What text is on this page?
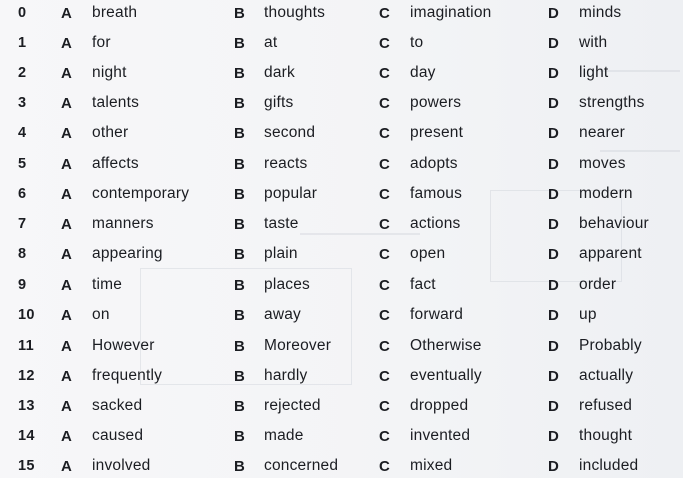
0	A breath	B thoughts	C imagination	D minds
1	A for	B at	C to	D with
2	A night	B dark	C day	D light
3	A talents	B gifts	C powers	D strengths
4	A other	B second	C present	D nearer
5	A affects	B reacts	C adopts	D moves
6	A contemporary	B popular	C famous	D modern
7	A manners	B taste	C actions	D behaviour
8	A appearing	B plain	C open	D apparent
9	A time	B places	C fact	D order
10	A on	B away	C forward	D up
11	A However	B Moreover	C Otherwise	D Probably
12	A frequently	B hardly	C eventually	D actually
13	A sacked	B rejected	C dropped	D refused
14	A caused	B made	C invented	D thought
15	A involved	B concerned	C mixed	D included
